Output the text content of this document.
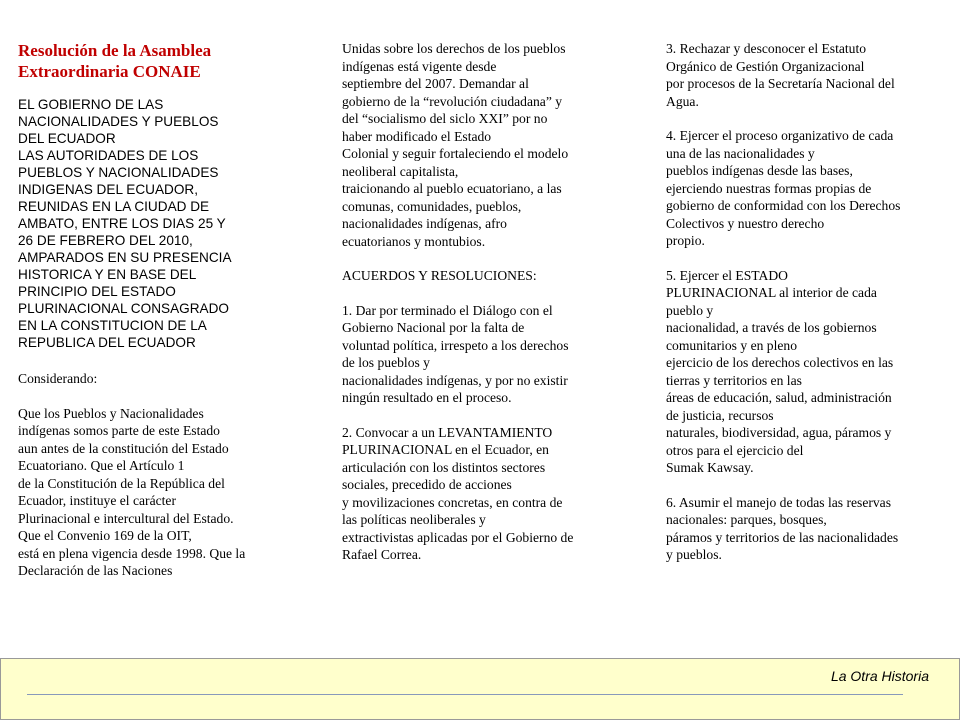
Resolución de la Asamblea
Extraordinaria CONAIE
EL GOBIERNO DE LAS
NACIONALIDADES Y PUEBLOS
DEL ECUADOR
LAS AUTORIDADES DE LOS
PUEBLOS Y NACIONALIDADES
INDIGENAS DEL ECUADOR,
REUNIDAS EN LA CIUDAD DE
AMBATO, ENTRE LOS DIAS 25 Y
26 DE FEBRERO DEL 2010,
AMPARADOS EN SU PRESENCIA
HISTORICA Y EN BASE DEL
PRINCIPIO DEL ESTADO
PLURINACIONAL CONSAGRADO
EN LA CONSTITUCION DE LA
REPUBLICA DEL ECUADOR
Considerando:
Que los Pueblos y Nacionalidades
indígenas somos parte de este Estado
aun antes de la constitución del Estado
Ecuatoriano. Que el Artículo 1
de la Constitución de la República del
Ecuador, instituye el carácter
Plurinacional e intercultural del Estado.
Que el Convenio 169 de la OIT,
está en plena vigencia desde 1998. Que la
Declaración de las Naciones
Unidas sobre los derechos de los pueblos
indígenas está vigente desde
septiembre del 2007. Demandar al
gobierno de la “revolución ciudadana” y
del “socialismo del siclo XXI” por no
haber modificado el Estado
Colonial y seguir fortaleciendo el modelo
neoliberal capitalista,
traicionando al pueblo ecuatoriano, a las
comunas, comunidades, pueblos,
nacionalidades indígenas, afro
ecuatorianos y montubios.
ACUERDOS Y RESOLUCIONES:
1. Dar por terminado el Diálogo con el
Gobierno Nacional por la falta de
voluntad política, irrespeto a los derechos
de los pueblos y
nacionalidades indígenas, y por no existir
ningún resultado en el proceso.
2. Convocar a un LEVANTAMIENTO
PLURINACIONAL en el Ecuador, en
articulación con los distintos sectores
sociales, precedido de acciones
y movilizaciones concretas, en contra de
las políticas neoliberales y
extractivistas aplicadas por el Gobierno de
Rafael Correa.
3. Rechazar y desconocer el Estatuto
Orgánico de Gestión Organizacional
por procesos de la Secretaría Nacional del
Agua.
4. Ejercer el proceso organizativo de cada
una de las nacionalidades y
pueblos indígenas desde las bases,
ejerciendo nuestras formas propias de
gobierno de conformidad con los Derechos
Colectivos y nuestro derecho
propio.
5. Ejercer el ESTADO
PLURINACIONAL al interior de cada
pueblo y
nacionalidad, a través de los gobiernos
comunitarios y en pleno
ejercicio de los derechos colectivos en las
tierras y territorios en las
áreas de educación, salud, administración
de justicia, recursos
naturales, biodiversidad, agua, páramos y
otros para el ejercicio del
Sumak Kawsay.
6. Asumir el manejo de todas las reservas
nacionales: parques, bosques,
páramos y territorios de las nacionalidades
y pueblos.
La Otra Historia
